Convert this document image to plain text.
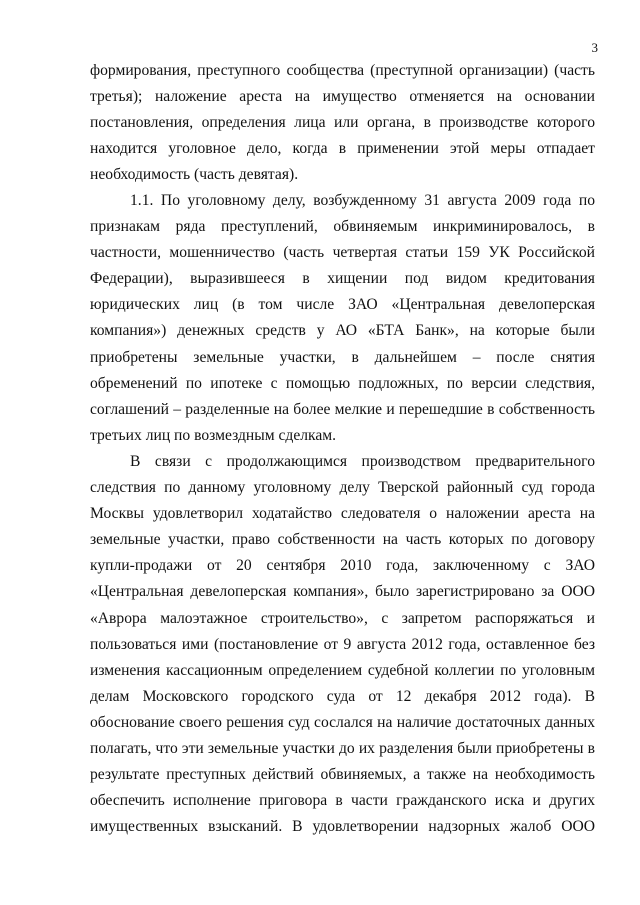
3
формирования, преступного сообщества (преступной организации) (часть
третья); наложение ареста на имущество отменяется на основании
постановления, определения лица или органа, в производстве которого
находится уголовное дело, когда в применении этой меры отпадает
необходимость (часть девятая).
1.1. По уголовному делу, возбужденному 31 августа 2009 года по
признакам ряда преступлений, обвиняемым инкриминировалось, в
частности, мошенничество (часть четвертая статьи 159 УК Российской
Федерации), выразившееся в хищении под видом кредитования
юридических лиц (в том числе ЗАО «Центральная девелоперская
компания») денежных средств у АО «БТА Банк», на которые были
приобретены земельные участки, в дальнейшем – после снятия
обременений по ипотеке с помощью подложных, по версии следствия,
соглашений – разделенные на более мелкие и перешедшие в собственность
третьих лиц по возмездным сделкам.
В связи с продолжающимся производством предварительного
следствия по данному уголовному делу Тверской районный суд города
Москвы удовлетворил ходатайство следователя о наложении ареста на
земельные участки, право собственности на часть которых по договору
купли-продажи от 20 сентября 2010 года, заключенному с ЗАО
«Центральная девелоперская компания», было зарегистрировано за ООО
«Аврора малоэтажное строительство», с запретом распоряжаться и
пользоваться ими (постановление от 9 августа 2012 года, оставленное без
изменения кассационным определением судебной коллегии по уголовным
делам Московского городского суда от 12 декабря 2012 года). В
обоснование своего решения суд сослался на наличие достаточных данных
полагать, что эти земельные участки до их разделения были приобретены в
результате преступных действий обвиняемых, а также на необходимость
обеспечить исполнение приговора в части гражданского иска и других
имущественных взысканий. В удовлетворении надзорных жалоб ООО
